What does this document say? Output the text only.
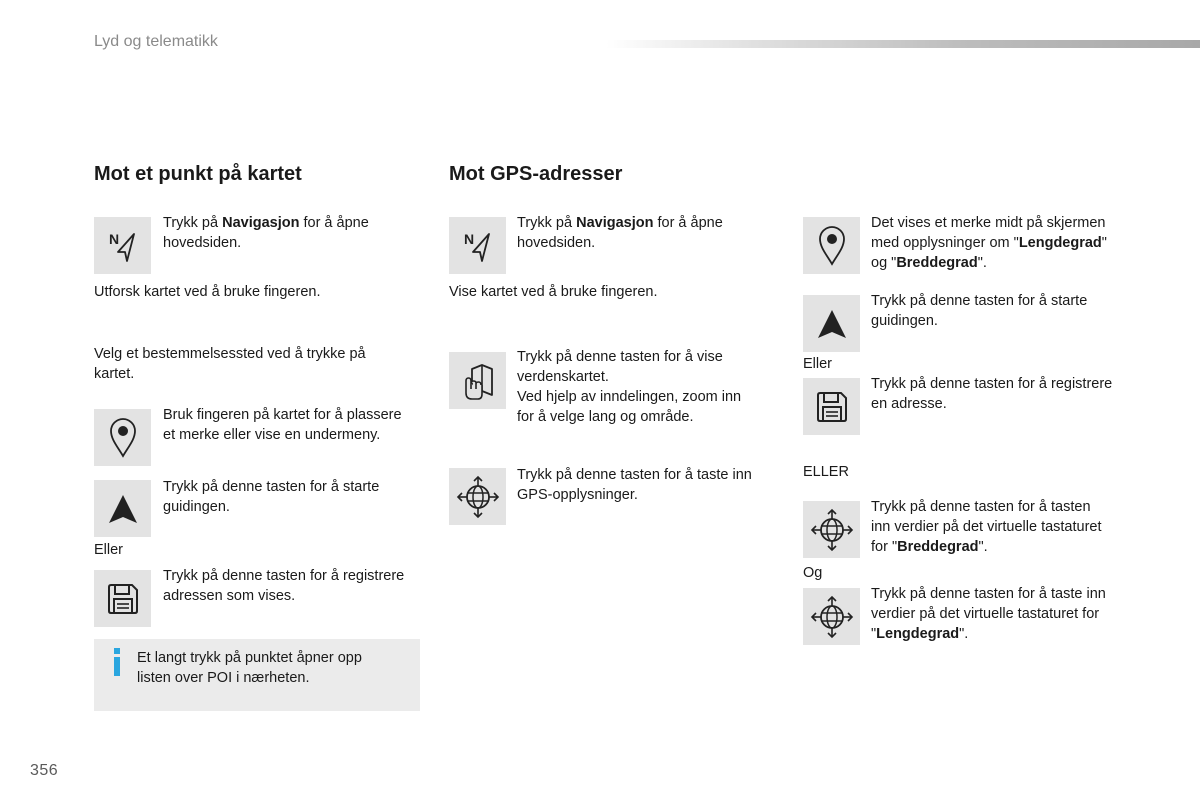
Lyd og telematikk
Mot et punkt på kartet
N
Trykk på Navigasjon for å åpne
hovedsiden.
Utforsk kartet ved å bruke fingeren.
Velg et bestemmelsessted ved å trykke på
kartet.
Bruk fingeren på kartet for å plassere
et merke eller vise en undermeny.
Trykk på denne tasten for å starte
guidingen.
Eller
Trykk på denne tasten for å registrere
adressen som vises.
Et langt trykk på punktet åpner opp
listen over POI i nærheten.
Mot GPS-adresser
N
Trykk på Navigasjon for å åpne
hovedsiden.
Vise kartet ved å bruke fingeren.
Trykk på denne tasten for å vise
verdenskartet.
Ved hjelp av inndelingen, zoom inn
for å velge lang og område.
Trykk på denne tasten for å taste inn
GPS-opplysninger.
Det vises et merke midt på skjermen
med opplysninger om "Lengdegrad"
og "Breddegrad".
Trykk på denne tasten for å starte
guidingen.
Eller
Trykk på denne tasten for å registrere
en adresse.
ELLER
Trykk på denne tasten for å tasten
inn verdier på det virtuelle tastaturet
for "Breddegrad".
Og
Trykk på denne tasten for å taste inn
verdier på det virtuelle tastaturet for
"Lengdegrad".
356
